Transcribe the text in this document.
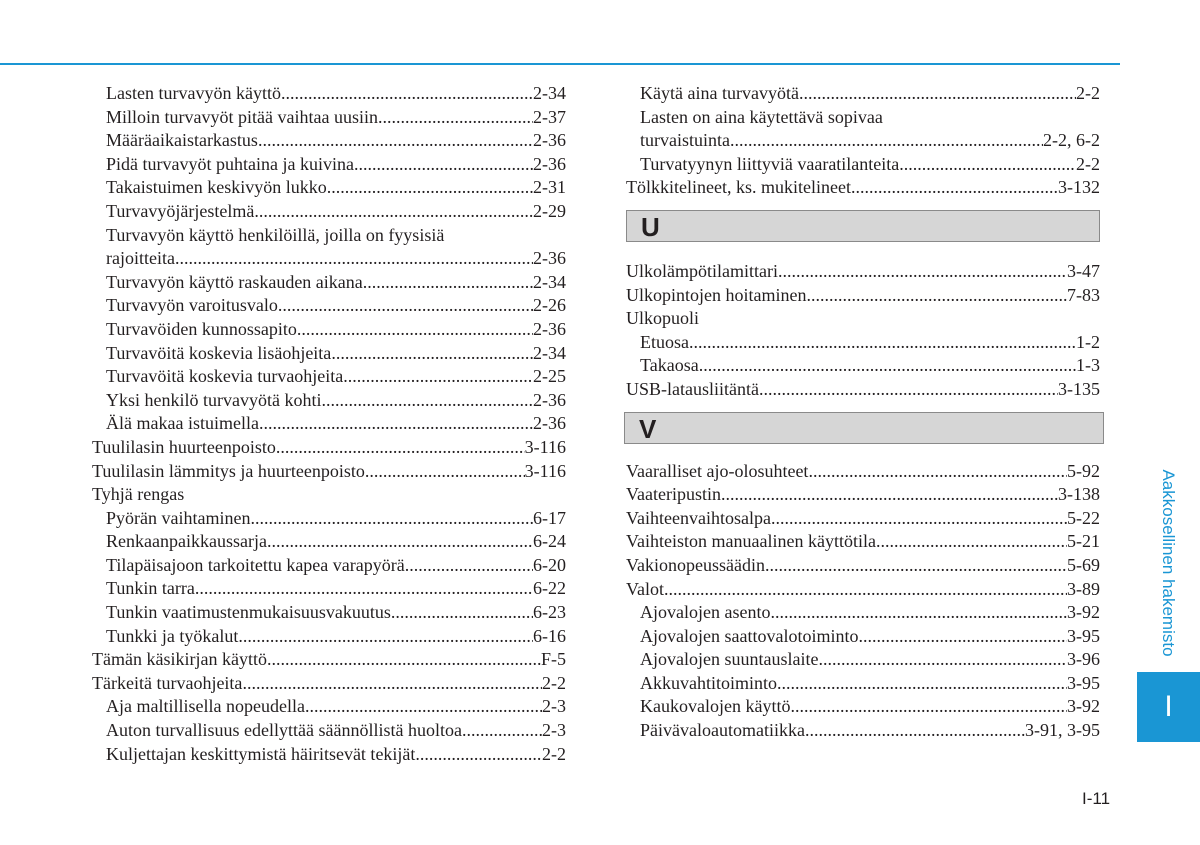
Lasten turvavyön käyttö .....	2-34
Milloin turvavyöt pitää vaihtaa uusiin .....	2-37
Määräaikaistarkastus .....	2-36
Pidä turvavyöt puhtaina ja kuivina .....	2-36
Takaistuimen keskivyön lukko .....	2-31
Turvavyöjärjestelmä .....	2-29
Turvavyön käyttö henkilöillä, joilla on fyysisiä
rajoitteita .....	2-36
Turvavyön käyttö raskauden aikana .....	2-34
Turvavyön varoitusvalo .....	2-26
Turvavöiden kunnossapito .....	2-36
Turvavöitä koskevia lisäohjeita .....	2-34
Turvavöitä koskevia turvaohjeita .....	2-25
Yksi henkilö turvavyötä kohti .....	2-36
Älä makaa istuimella .....	2-36
Tuulilasin huurteenpoisto .....	3-116
Tuulilasin lämmitys ja huurteenpoisto .....	3-116
Tyhjä rengas
Pyörän vaihtaminen .....	6-17
Renkaanpaikkaussarja .....	6-24
Tilapäisajoon tarkoitettu kapea varapyörä .....	6-20
Tunkin tarra .....	6-22
Tunkin vaatimustenmukaisuusvakuutus .....	6-23
Tunkki ja työkalut .....	6-16
Tämän käsikirjan käyttö .....	F-5
Tärkeitä turvaohjeita .....	2-2
Aja maltillisella nopeudella .....	2-3
Auton turvallisuus edellyttää säännöllistä huoltoa .....	2-3
Kuljettajan keskittymistä häiritsevät tekijät .....	2-2
Käytä aina turvavyötä .....	2-2
Lasten on aina käytettävä sopivaa
turvaistuinta .....	2-2, 6-2
Turvatyynyn liittyviä vaaratilanteita .....	2-2
Tölkkitelineet, ks. mukitelineet .....	3-132
U
Ulkolämpötilamittari .....	3-47
Ulkopintojen hoitaminen .....	7-83
Ulkopuoli
Etuosa .....	1-2
Takaosa .....	1-3
USB-latausliitäntä .....	3-135
V
Vaaralliset ajo-olosuhteet .....	5-92
Vaateripustin .....	3-138
Vaihteenvaihtosalpa .....	5-22
Vaihteiston manuaalinen käyttötila .....	5-21
Vakionopeussäädin .....	5-69
Valot .....	3-89
Ajovalojen asento .....	3-92
Ajovalojen saattovalotoiminto .....	3-95
Ajovalojen suuntauslaite .....	3-96
Akkuvahtitoiminto .....	3-95
Kaukovalojen käyttö .....	3-92
Päivävaloautomatiikka .....	3-91, 3-95
Aakkosellinen hakemisto
I
I-11
